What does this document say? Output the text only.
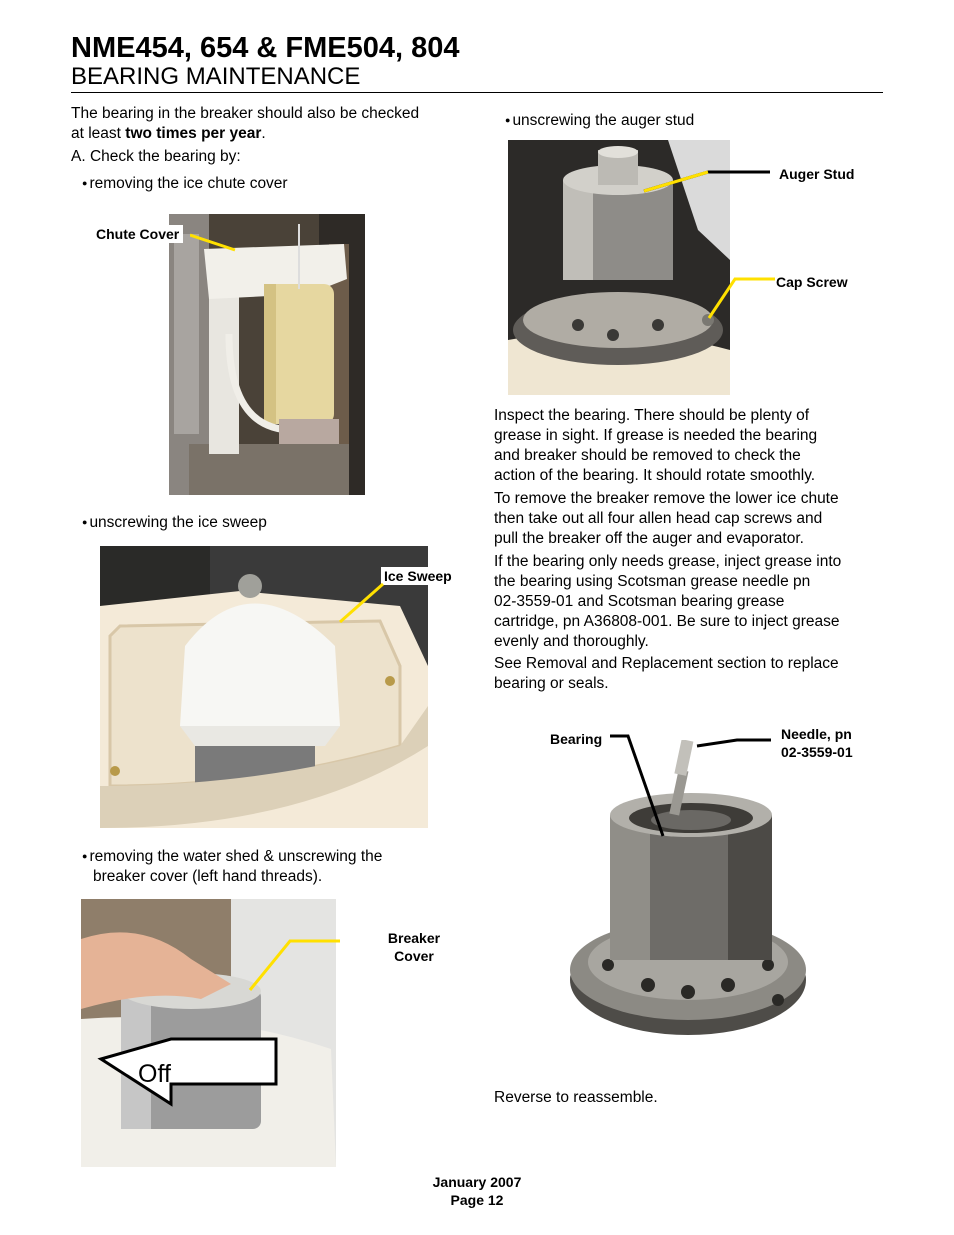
NME454, 654 & FME504, 804
BEARING MAINTENANCE
The bearing in the breaker should also be checked
at least two times per year.
A. Check the bearing by:
● removing the ice chute cover
Chute Cover
● unscrewing the ice sweep
Ice Sweep
● removing the water shed & unscrewing the
breaker cover (left hand threads).
Off
Breaker
Cover
● unscrewing the auger stud
Auger Stud
Cap Screw
Inspect the bearing. There should be plenty of
grease in sight. If grease is needed the bearing
and breaker should be removed to check the
action of the bearing. It should rotate smoothly.
To remove the breaker remove the lower ice chute
then take out all four allen head cap screws and
pull the breaker off the auger and evaporator.
If the bearing only needs grease, inject grease into
the bearing using Scotsman grease needle pn
02-3559-01 and Scotsman bearing grease
cartridge, pn A36808-001. Be sure to inject grease
evenly and thoroughly.
See Removal and Replacement section to replace
bearing or seals.
Bearing	Needle, pn
02-3559-01
Reverse to reassemble.
January 2007
Page 12
